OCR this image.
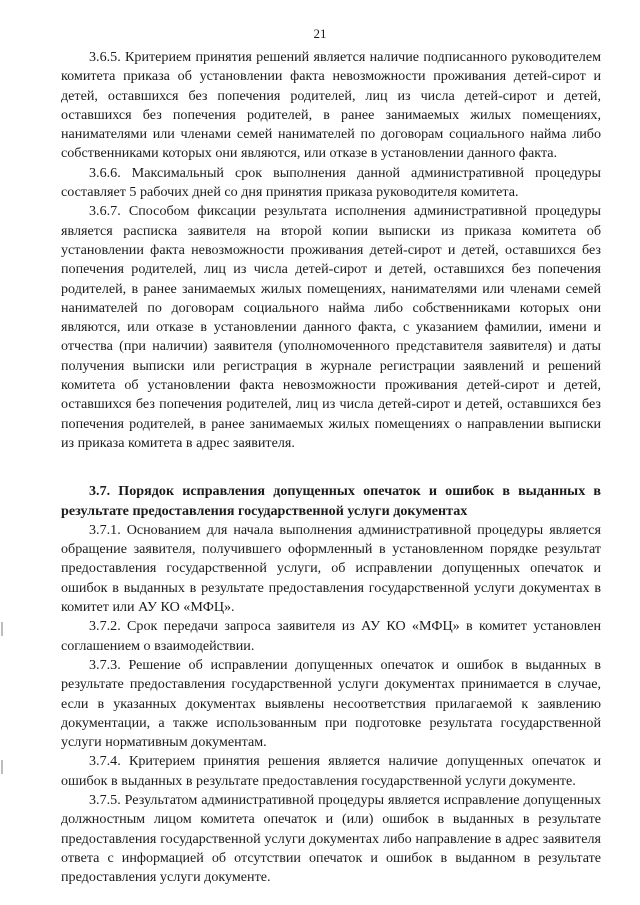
21

3.6.5. Критерием принятия решений является наличие подписанного руководителем комитета приказа об установлении факта невозможности проживания детей-сирот и детей, оставшихся без попечения родителей, лиц из числа детей-сирот и детей, оставшихся без попечения родителей, в ранее занимаемых жилых помещениях, нанимателями или членами семей нанимателей по договорам социального найма либо собственниками которых они являются, или отказе в установлении данного факта.

3.6.6. Максимальный срок выполнения данной административной процедуры составляет 5 рабочих дней со дня принятия приказа руководителя комитета.

3.6.7. Способом фиксации результата исполнения административной процедуры является расписка заявителя на второй копии выписки из приказа комитета об установлении факта невозможности проживания детей-сирот и детей, оставшихся без попечения родителей, лиц из числа детей-сирот и детей, оставшихся без попечения родителей, в ранее занимаемых жилых помещениях, нанимателями или членами семей нанимателей по договорам социального найма либо собственниками которых они являются, или отказе в установлении данного факта, с указанием фамилии, имени и отчества (при наличии) заявителя (уполномоченного представителя заявителя) и даты получения выписки или регистрация в журнале регистрации заявлений и решений комитета об установлении факта невозможности проживания детей-сирот и детей, оставшихся без попечения родителей, лиц из числа детей-сирот и детей, оставшихся без попечения родителей, в ранее занимаемых жилых помещениях о направлении выписки из приказа комитета в адрес заявителя.

3.7. Порядок исправления допущенных опечаток и ошибок в выданных в результате предоставления государственной услуги документах

3.7.1. Основанием для начала выполнения административной процедуры является обращение заявителя, получившего оформленный в установленном порядке результат предоставления государственной услуги, об исправлении допущенных опечаток и ошибок в выданных в результате предоставления государственной услуги документах в комитет или АУ КО «МФЦ».

3.7.2. Срок передачи запроса заявителя из АУ КО «МФЦ» в комитет установлен соглашением о взаимодействии.

3.7.3. Решение об исправлении допущенных опечаток и ошибок в выданных в результате предоставления государственной услуги документах принимается в случае, если в указанных документах выявлены несоответствия прилагаемой к заявлению документации, а также использованным при подготовке результата государственной услуги нормативным документам.

3.7.4. Критерием принятия решения является наличие допущенных опечаток и ошибок в выданных в результате предоставления государственной услуги документе.

3.7.5. Результатом административной процедуры является исправление допущенных должностным лицом комитета опечаток и (или) ошибок в выданных в результате предоставления государственной услуги документах либо направление в адрес заявителя ответа с информацией об отсутствии опечаток и ошибок в выданном в результате предоставления услуги документе.
